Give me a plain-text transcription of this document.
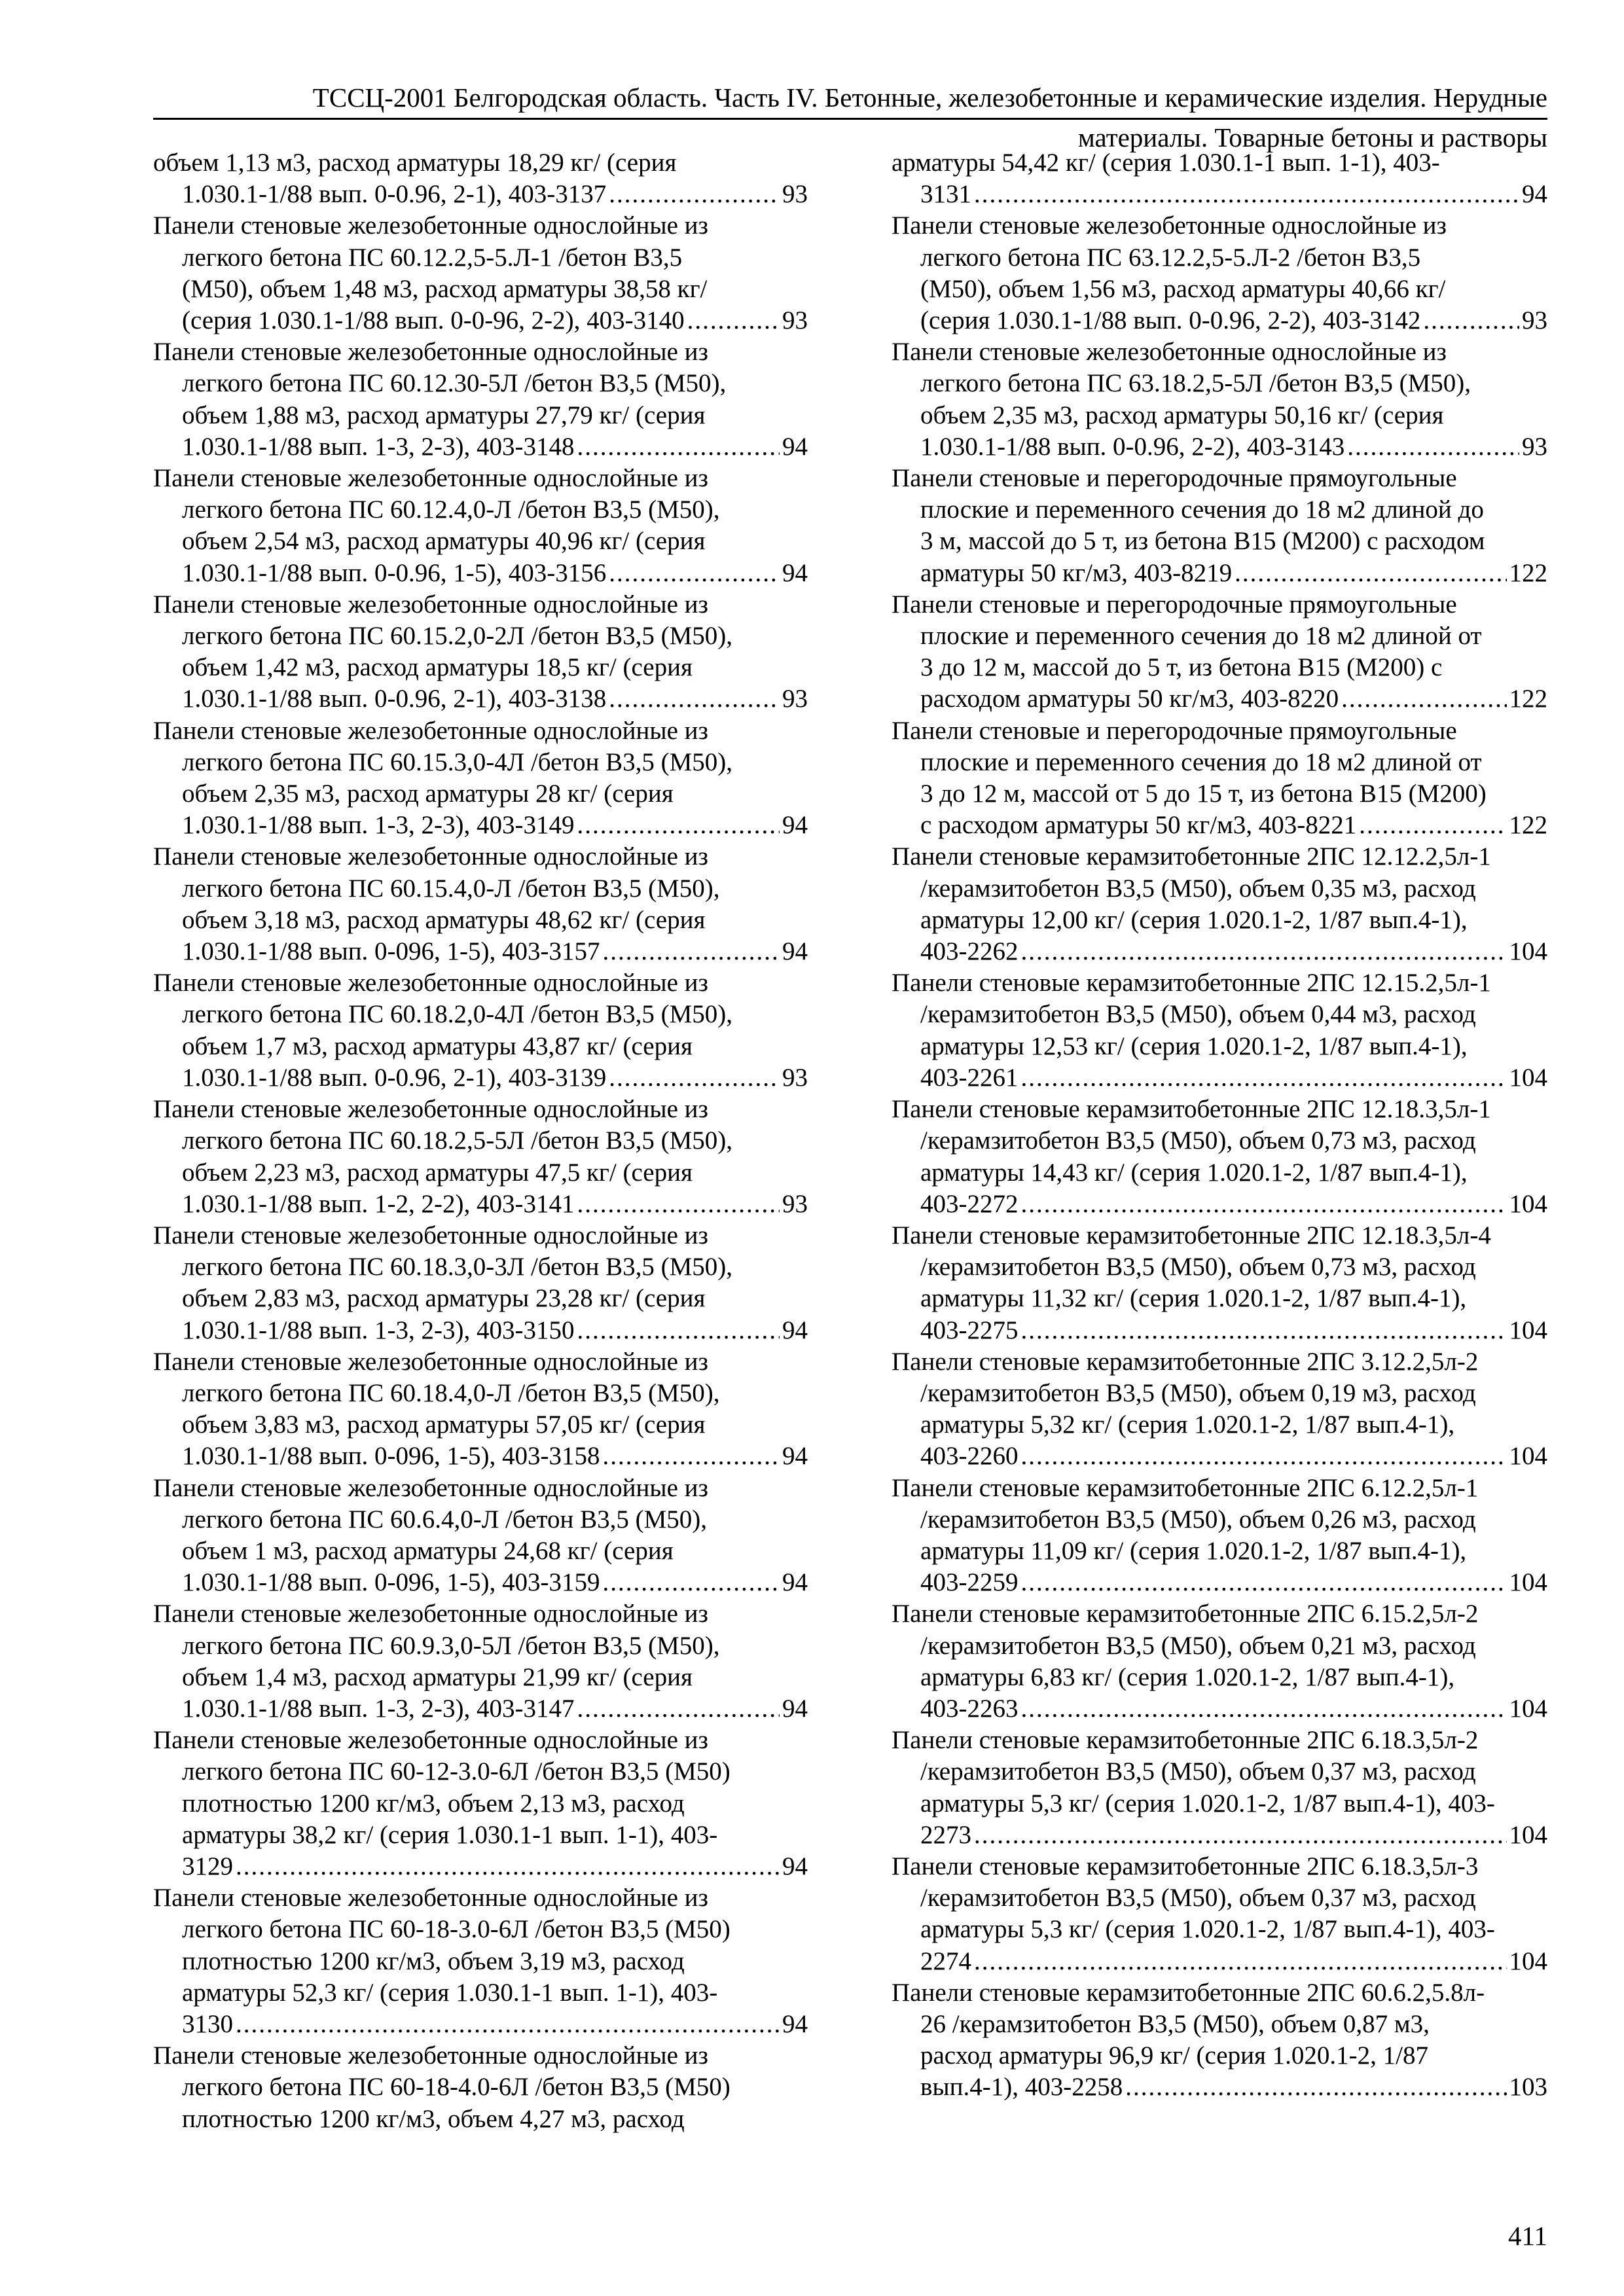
ТССЦ-2001 Белгородская область. Часть IV. Бетонные, железобетонные и керамические изделия. Нерудные
материалы. Товарные бетоны и растворы
объем 1,13 м3, расход арматуры 18,29 кг/ (серия
1.030.1-1/88 вып. 0-0.96, 2-1), 403-3137 .....	93
Панели стеновые железобетонные однослойные из
легкого бетона ПС 60.12.2,5-5.Л-1 /бетон В3,5
(М50), объем 1,48 м3, расход арматуры 38,58 кг/
(серия 1.030.1-1/88 вып. 0-0-96, 2-2), 403-3140 .....	93
Панели стеновые железобетонные однослойные из
легкого бетона ПС 60.12.30-5Л /бетон В3,5 (М50),
объем 1,88 м3, расход арматуры 27,79 кг/ (серия
1.030.1-1/88 вып. 1-3, 2-3), 403-3148 .....	94
Панели стеновые железобетонные однослойные из
легкого бетона ПС 60.12.4,0-Л /бетон В3,5 (М50),
объем 2,54 м3, расход арматуры 40,96 кг/ (серия
1.030.1-1/88 вып. 0-0.96, 1-5), 403-3156 .....	94
Панели стеновые железобетонные однослойные из
легкого бетона ПС 60.15.2,0-2Л /бетон В3,5 (М50),
объем 1,42 м3, расход арматуры 18,5 кг/ (серия
1.030.1-1/88 вып. 0-0.96, 2-1), 403-3138 .....	93
Панели стеновые железобетонные однослойные из
легкого бетона ПС 60.15.3,0-4Л /бетон В3,5 (М50),
объем 2,35 м3, расход арматуры 28 кг/ (серия
1.030.1-1/88 вып. 1-3, 2-3), 403-3149 .....	94
Панели стеновые железобетонные однослойные из
легкого бетона ПС 60.15.4,0-Л /бетон В3,5 (М50),
объем 3,18 м3, расход арматуры 48,62 кг/ (серия
1.030.1-1/88 вып. 0-096, 1-5), 403-3157 .....	94
Панели стеновые железобетонные однослойные из
легкого бетона ПС 60.18.2,0-4Л /бетон В3,5 (М50),
объем 1,7 м3, расход арматуры 43,87 кг/ (серия
1.030.1-1/88 вып. 0-0.96, 2-1), 403-3139 .....	93
Панели стеновые железобетонные однослойные из
легкого бетона ПС 60.18.2,5-5Л /бетон В3,5 (М50),
объем 2,23 м3, расход арматуры 47,5 кг/ (серия
1.030.1-1/88 вып. 1-2, 2-2), 403-3141 .....	93
Панели стеновые железобетонные однослойные из
легкого бетона ПС 60.18.3,0-3Л /бетон В3,5 (М50),
объем 2,83 м3, расход арматуры 23,28 кг/ (серия
1.030.1-1/88 вып. 1-3, 2-3), 403-3150 .....	94
Панели стеновые железобетонные однослойные из
легкого бетона ПС 60.18.4,0-Л /бетон В3,5 (М50),
объем 3,83 м3, расход арматуры 57,05 кг/ (серия
1.030.1-1/88 вып. 0-096, 1-5), 403-3158 .....	94
Панели стеновые железобетонные однослойные из
легкого бетона ПС 60.6.4,0-Л /бетон В3,5 (М50),
объем 1 м3, расход арматуры 24,68 кг/ (серия
1.030.1-1/88 вып. 0-096, 1-5), 403-3159 .....	94
Панели стеновые железобетонные однослойные из
легкого бетона ПС 60.9.3,0-5Л /бетон В3,5 (М50),
объем 1,4 м3, расход арматуры 21,99 кг/ (серия
1.030.1-1/88 вып. 1-3, 2-3), 403-3147 .....	94
Панели стеновые железобетонные однослойные из
легкого бетона ПС 60-12-3.0-6Л /бетон В3,5 (М50)
плотностью 1200 кг/м3, объем 2,13 м3, расход
арматуры 38,2 кг/ (серия 1.030.1-1 вып. 1-1), 403-
3129 .....	94
Панели стеновые железобетонные однослойные из
легкого бетона ПС 60-18-3.0-6Л /бетон В3,5 (М50)
плотностью 1200 кг/м3, объем 3,19 м3, расход
арматуры 52,3 кг/ (серия 1.030.1-1 вып. 1-1), 403-
3130 .....	94
Панели стеновые железобетонные однослойные из
легкого бетона ПС 60-18-4.0-6Л /бетон В3,5 (М50)
плотностью 1200 кг/м3, объем 4,27 м3, расход
арматуры 54,42 кг/ (серия 1.030.1-1 вып. 1-1), 403-
3131 .....	94
Панели стеновые железобетонные однослойные из
легкого бетона ПС 63.12.2,5-5.Л-2 /бетон В3,5
(М50), объем 1,56 м3, расход арматуры 40,66 кг/
(серия 1.030.1-1/88 вып. 0-0.96, 2-2), 403-3142 .....	93
Панели стеновые железобетонные однослойные из
легкого бетона ПС 63.18.2,5-5Л /бетон В3,5 (М50),
объем 2,35 м3, расход арматуры 50,16 кг/ (серия
1.030.1-1/88 вып. 0-0.96, 2-2), 403-3143 .....	93
Панели стеновые и перегородочные прямоугольные
плоские и переменного сечения до 18 м2 длиной до
3 м, массой до 5 т, из бетона В15 (М200) с расходом
арматуры 50 кг/м3, 403-8219 .....	122
Панели стеновые и перегородочные прямоугольные
плоские и переменного сечения до 18 м2 длиной от
3 до 12 м, массой до 5 т, из бетона В15 (М200) с
расходом арматуры 50 кг/м3, 403-8220 .....	122
Панели стеновые и перегородочные прямоугольные
плоские и переменного сечения до 18 м2 длиной от
3 до 12 м, массой от 5 до 15 т, из бетона В15 (М200)
с расходом арматуры 50 кг/м3, 403-8221 .....	122
Панели стеновые керамзитобетонные 2ПС 12.12.2,5л-1
/керамзитобетон В3,5 (М50), объем 0,35 м3, расход
арматуры 12,00 кг/ (серия 1.020.1-2, 1/87 вып.4-1),
403-2262 .....	104
Панели стеновые керамзитобетонные 2ПС 12.15.2,5л-1
/керамзитобетон В3,5 (М50), объем 0,44 м3, расход
арматуры 12,53 кг/ (серия 1.020.1-2, 1/87 вып.4-1),
403-2261 .....	104
Панели стеновые керамзитобетонные 2ПС 12.18.3,5л-1
/керамзитобетон В3,5 (М50), объем 0,73 м3, расход
арматуры 14,43 кг/ (серия 1.020.1-2, 1/87 вып.4-1),
403-2272 .....	104
Панели стеновые керамзитобетонные 2ПС 12.18.3,5л-4
/керамзитобетон В3,5 (М50), объем 0,73 м3, расход
арматуры 11,32 кг/ (серия 1.020.1-2, 1/87 вып.4-1),
403-2275 .....	104
Панели стеновые керамзитобетонные 2ПС 3.12.2,5л-2
/керамзитобетон В3,5 (М50), объем 0,19 м3, расход
арматуры 5,32 кг/ (серия 1.020.1-2, 1/87 вып.4-1),
403-2260 .....	104
Панели стеновые керамзитобетонные 2ПС 6.12.2,5л-1
/керамзитобетон В3,5 (М50), объем 0,26 м3, расход
арматуры 11,09 кг/ (серия 1.020.1-2, 1/87 вып.4-1),
403-2259 .....	104
Панели стеновые керамзитобетонные 2ПС 6.15.2,5л-2
/керамзитобетон В3,5 (М50), объем 0,21 м3, расход
арматуры 6,83 кг/ (серия 1.020.1-2, 1/87 вып.4-1),
403-2263 .....	104
Панели стеновые керамзитобетонные 2ПС 6.18.3,5л-2
/керамзитобетон В3,5 (М50), объем 0,37 м3, расход
арматуры 5,3 кг/ (серия 1.020.1-2, 1/87 вып.4-1), 403-
2273 .....	104
Панели стеновые керамзитобетонные 2ПС 6.18.3,5л-3
/керамзитобетон В3,5 (М50), объем 0,37 м3, расход
арматуры 5,3 кг/ (серия 1.020.1-2, 1/87 вып.4-1), 403-
2274 .....	104
Панели стеновые керамзитобетонные 2ПС 60.6.2,5.8л-
26 /керамзитобетон В3,5 (М50), объем 0,87 м3,
расход арматуры 96,9 кг/ (серия 1.020.1-2, 1/87
вып.4-1), 403-2258 .....	103
411
